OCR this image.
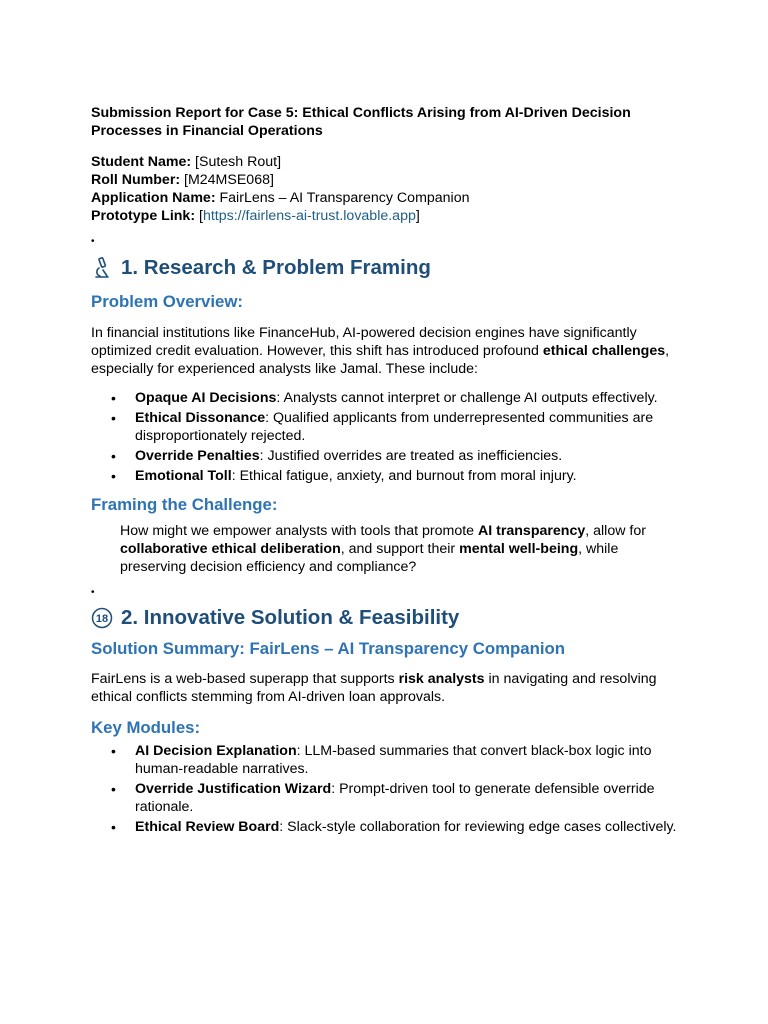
Submission Report for Case 5: Ethical Conflicts Arising from AI-Driven Decision Processes in Financial Operations

Student Name: [Sutesh Rout]
Roll Number: [M24MSE068]
Application Name: FairLens – AI Transparency Companion
Prototype Link: [https://fairlens-ai-trust.lovable.app]
•
1. Research & Problem Framing
Problem Overview:

In financial institutions like FinanceHub, AI-powered decision engines have significantly optimized credit evaluation. However, this shift has introduced profound ethical challenges, especially for experienced analysts like Jamal. These include:

• Opaque AI Decisions: Analysts cannot interpret or challenge AI outputs effectively.
• Ethical Dissonance: Qualified applicants from underrepresented communities are disproportionately rejected.
• Override Penalties: Justified overrides are treated as inefficiencies.
• Emotional Toll: Ethical fatigue, anxiety, and burnout from moral injury.
Framing the Challenge:

How might we empower analysts with tools that promote AI transparency, allow for collaborative ethical deliberation, and support their mental well-being, while preserving decision efficiency and compliance?

•
18 2. Innovative Solution & Feasibility
Solution Summary: FairLens – AI Transparency Companion

FairLens is a web-based superapp that supports risk analysts in navigating and resolving ethical conflicts stemming from AI-driven loan approvals.

Key Modules:
• AI Decision Explanation: LLM-based summaries that convert black-box logic into human-readable narratives.
• Override Justification Wizard: Prompt-driven tool to generate defensible override rationale.
• Ethical Review Board: Slack-style collaboration for reviewing edge cases collectively.
